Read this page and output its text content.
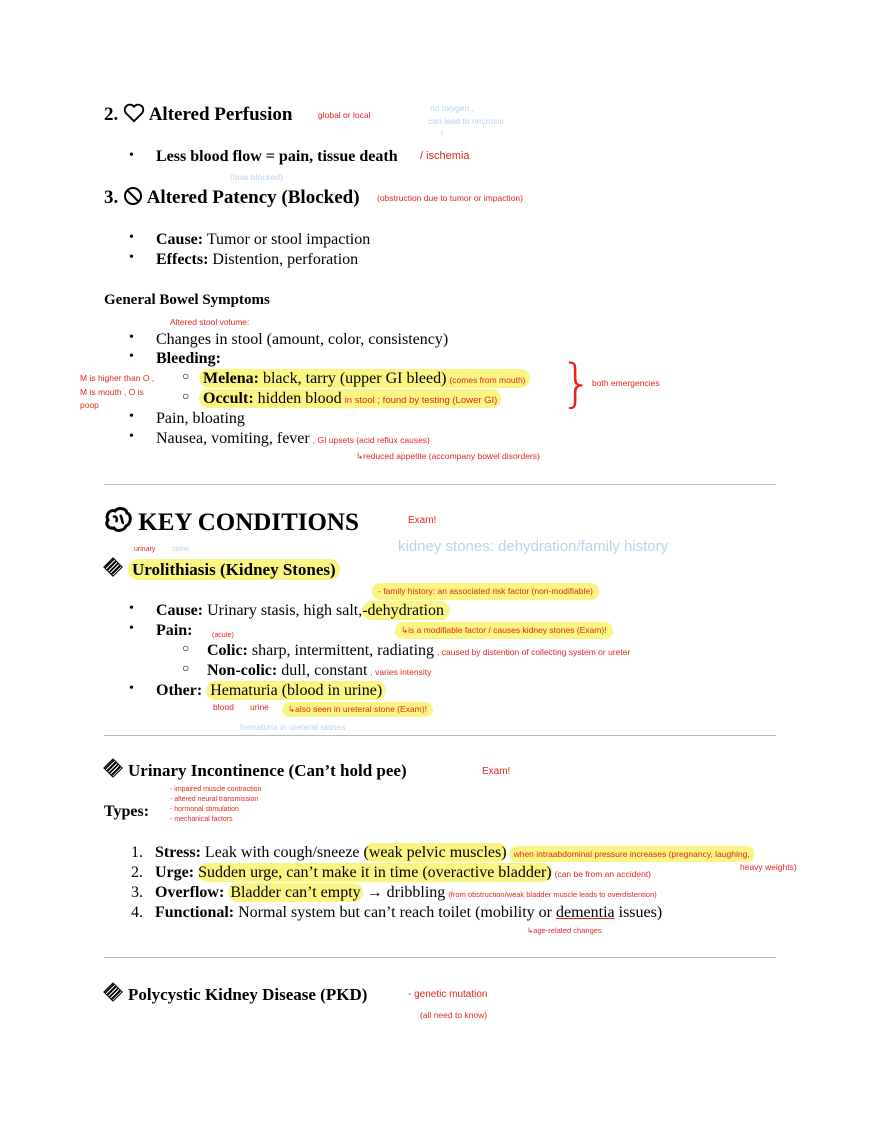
2. Altered Perfusion	global or local
no oxygen ,
can lead to necrosis
↑
• Less blood flow = pain, tissue death / ischemia
(how blocked)
3. Altered Patency (Blocked) (obstruction due to tumor or impaction)
• Cause: Tumor or stool impaction
• Effects: Distention, perforation
General Bowel Symptoms
Altered stool volume:
• Changes in stool (amount, color, consistency)
• Bleeding:
M is higher than O ,
M is mouth , O is
poop
○ Melena: black, tarry (upper GI bleed) (comes from mouth)
○ Occult: hidden blood in stool ; found by testing (Lower GI) }
both emergencies
• Pain, bloating
• Nausea, vomiting, fever , GI upsets (acid reflux causes)
↳reduced appetite (accompany bowel disorders)
KEY CONDITIONS	Exam!
kidney stones: dehydration/family history
urinary stone
Urolithiasis (Kidney Stones)
- family history: an associated risk factor (non-modifiable)
• Cause: Urinary stasis, high salt,-dehydration
↳is a modifiable factor / causes kidney stones (Exam)!
• Pain:	(acute)
○ Colic: sharp, intermittent, radiating , caused by distention of collecting system or ureter
○ Non-colic: dull, constant , varies intensity
• Other: Hematuria (blood in urine)
blood urine	↳also seen in ureteral stone (Exam)!
hematuria in ureteral stones
Urinary Incontinence (Can’t hold pee)	Exam!
Types:
- impaired muscle contraction
- altered neural transmission
- hormonal stimulation
- mechanical factors
1. Stress: Leak with cough/sneeze (weak pelvic muscles) when intraabdominal pressure increases (pregnancy, laughing,
heavy weights)
2. Urge: Sudden urge, can’t make it in time (overactive bladder) (can be from an accident)
3. Overflow: Bladder can’t empty → dribbling (from obstruction/weak bladder muscle leads to overdistention)
4. Functional: Normal system but can’t reach toilet (mobility or dementia issues)
↳age-related changes
Polycystic Kidney Disease (PKD)	- genetic mutation
(all need to know)
